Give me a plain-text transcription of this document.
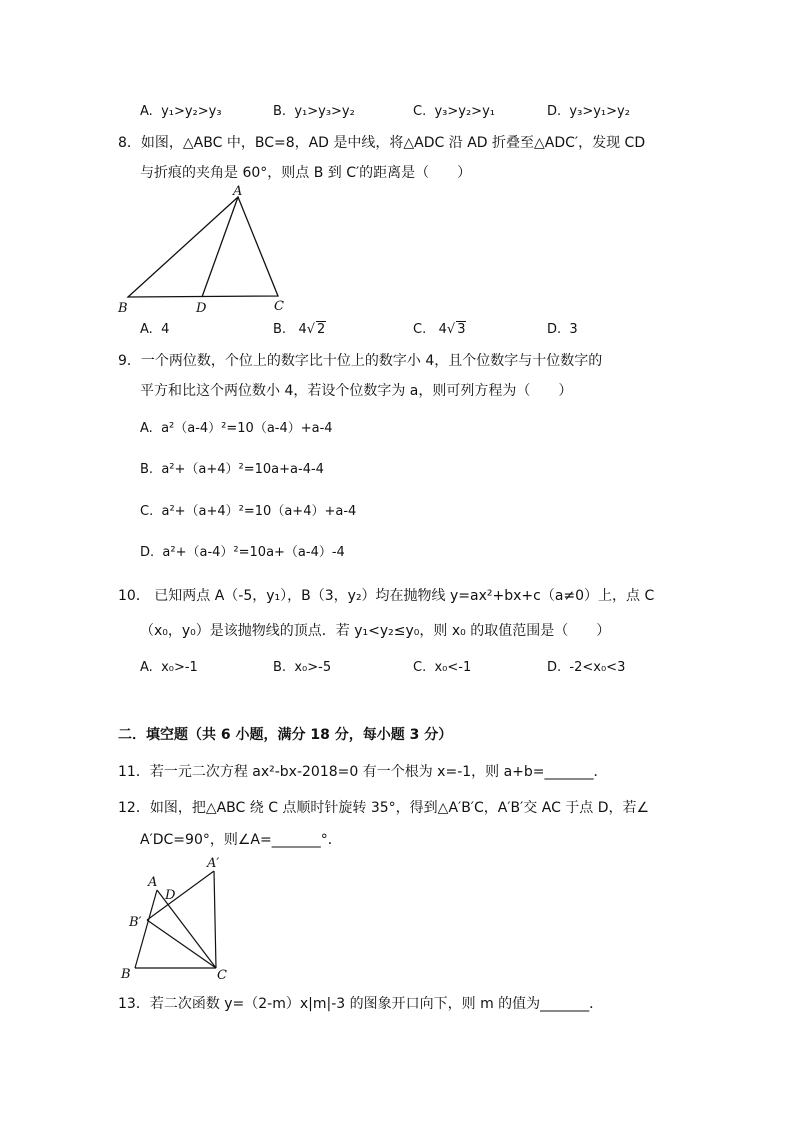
A. y₁>y₂>y₃	B. y₁>y₃>y₂	C. y₃>y₂>y₁	D. y₃>y₁>y₂
8．如图，△ABC 中，BC=8，AD 是中线，将△ADC 沿 AD 折叠至△ADC′，发现 CD
与折痕的夹角是 60°，则点 B 到 C′的距离是（　　）
A
B	D	C
A. 4	B. 4√ 2	C. 4√ 3	D. 3
9．一个两位数，个位上的数字比十位上的数字小 4，且个位数字与十位数字的
平方和比这个两位数小 4，若设个位数字为 a，则可列方程为（　　）
A. a²（a-4）²=10（a-4）+a-4
B. a²+（a+4）²=10a+a-4-4
C. a²+（a+4）²=10（a+4）+a-4
D. a²+（a-4）²=10a+（a-4）-4
10． 已知两点 A（-5，y₁），B（3，y₂）均在抛物线 y=ax²+bx+c（a≠0）上，点 C
（x₀，y₀）是该抛物线的顶点．若 y₁<y₂≤y₀，则 x₀ 的取值范围是（　　）
A. x₀>-1	B. x₀>-5	C. x₀<-1	D. -2<x₀<3
二．填空题（共 6 小题，满分 18 分，每小题 3 分）
11．若一元二次方程 ax²-bx-2018=0 有一个根为 x=-1，则 a+b=_______．
12．如图，把△ABC 绕 C 点顺时针旋转 35°，得到△A′B′C，A′B′交 AC 于点 D，若∠
A′DC=90°，则∠A=_______°．
A
D
A′
B′
B	C
13．若二次函数 y=（2-m）x|m|-3 的图象开口向下，则 m 的值为_______．
